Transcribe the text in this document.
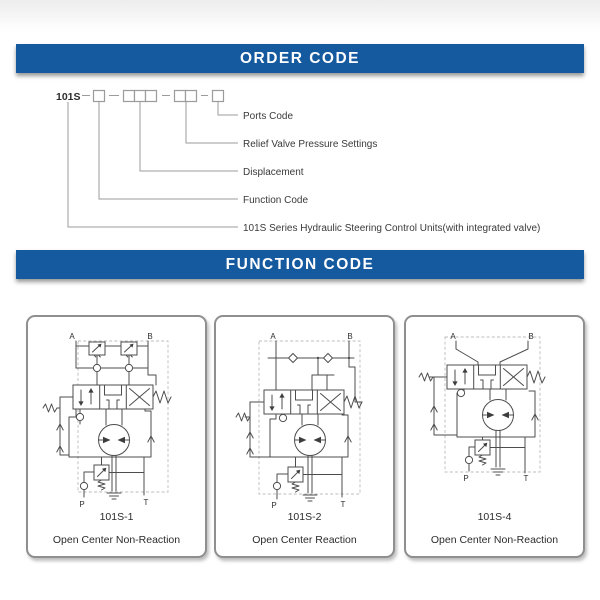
ORDER CODE
101S
Ports Code
Relief Valve Pressure Settings
Displacement
Function Code
101S Series Hydraulic Steering Control Units(with integrated valve)
FUNCTION CODE
A	B
P	T
101S-1
Open Center Non-Reaction
A	B
P	T
101S-2
Open Center Reaction
A	B
P	T
101S-4
Open Center Non-Reaction
